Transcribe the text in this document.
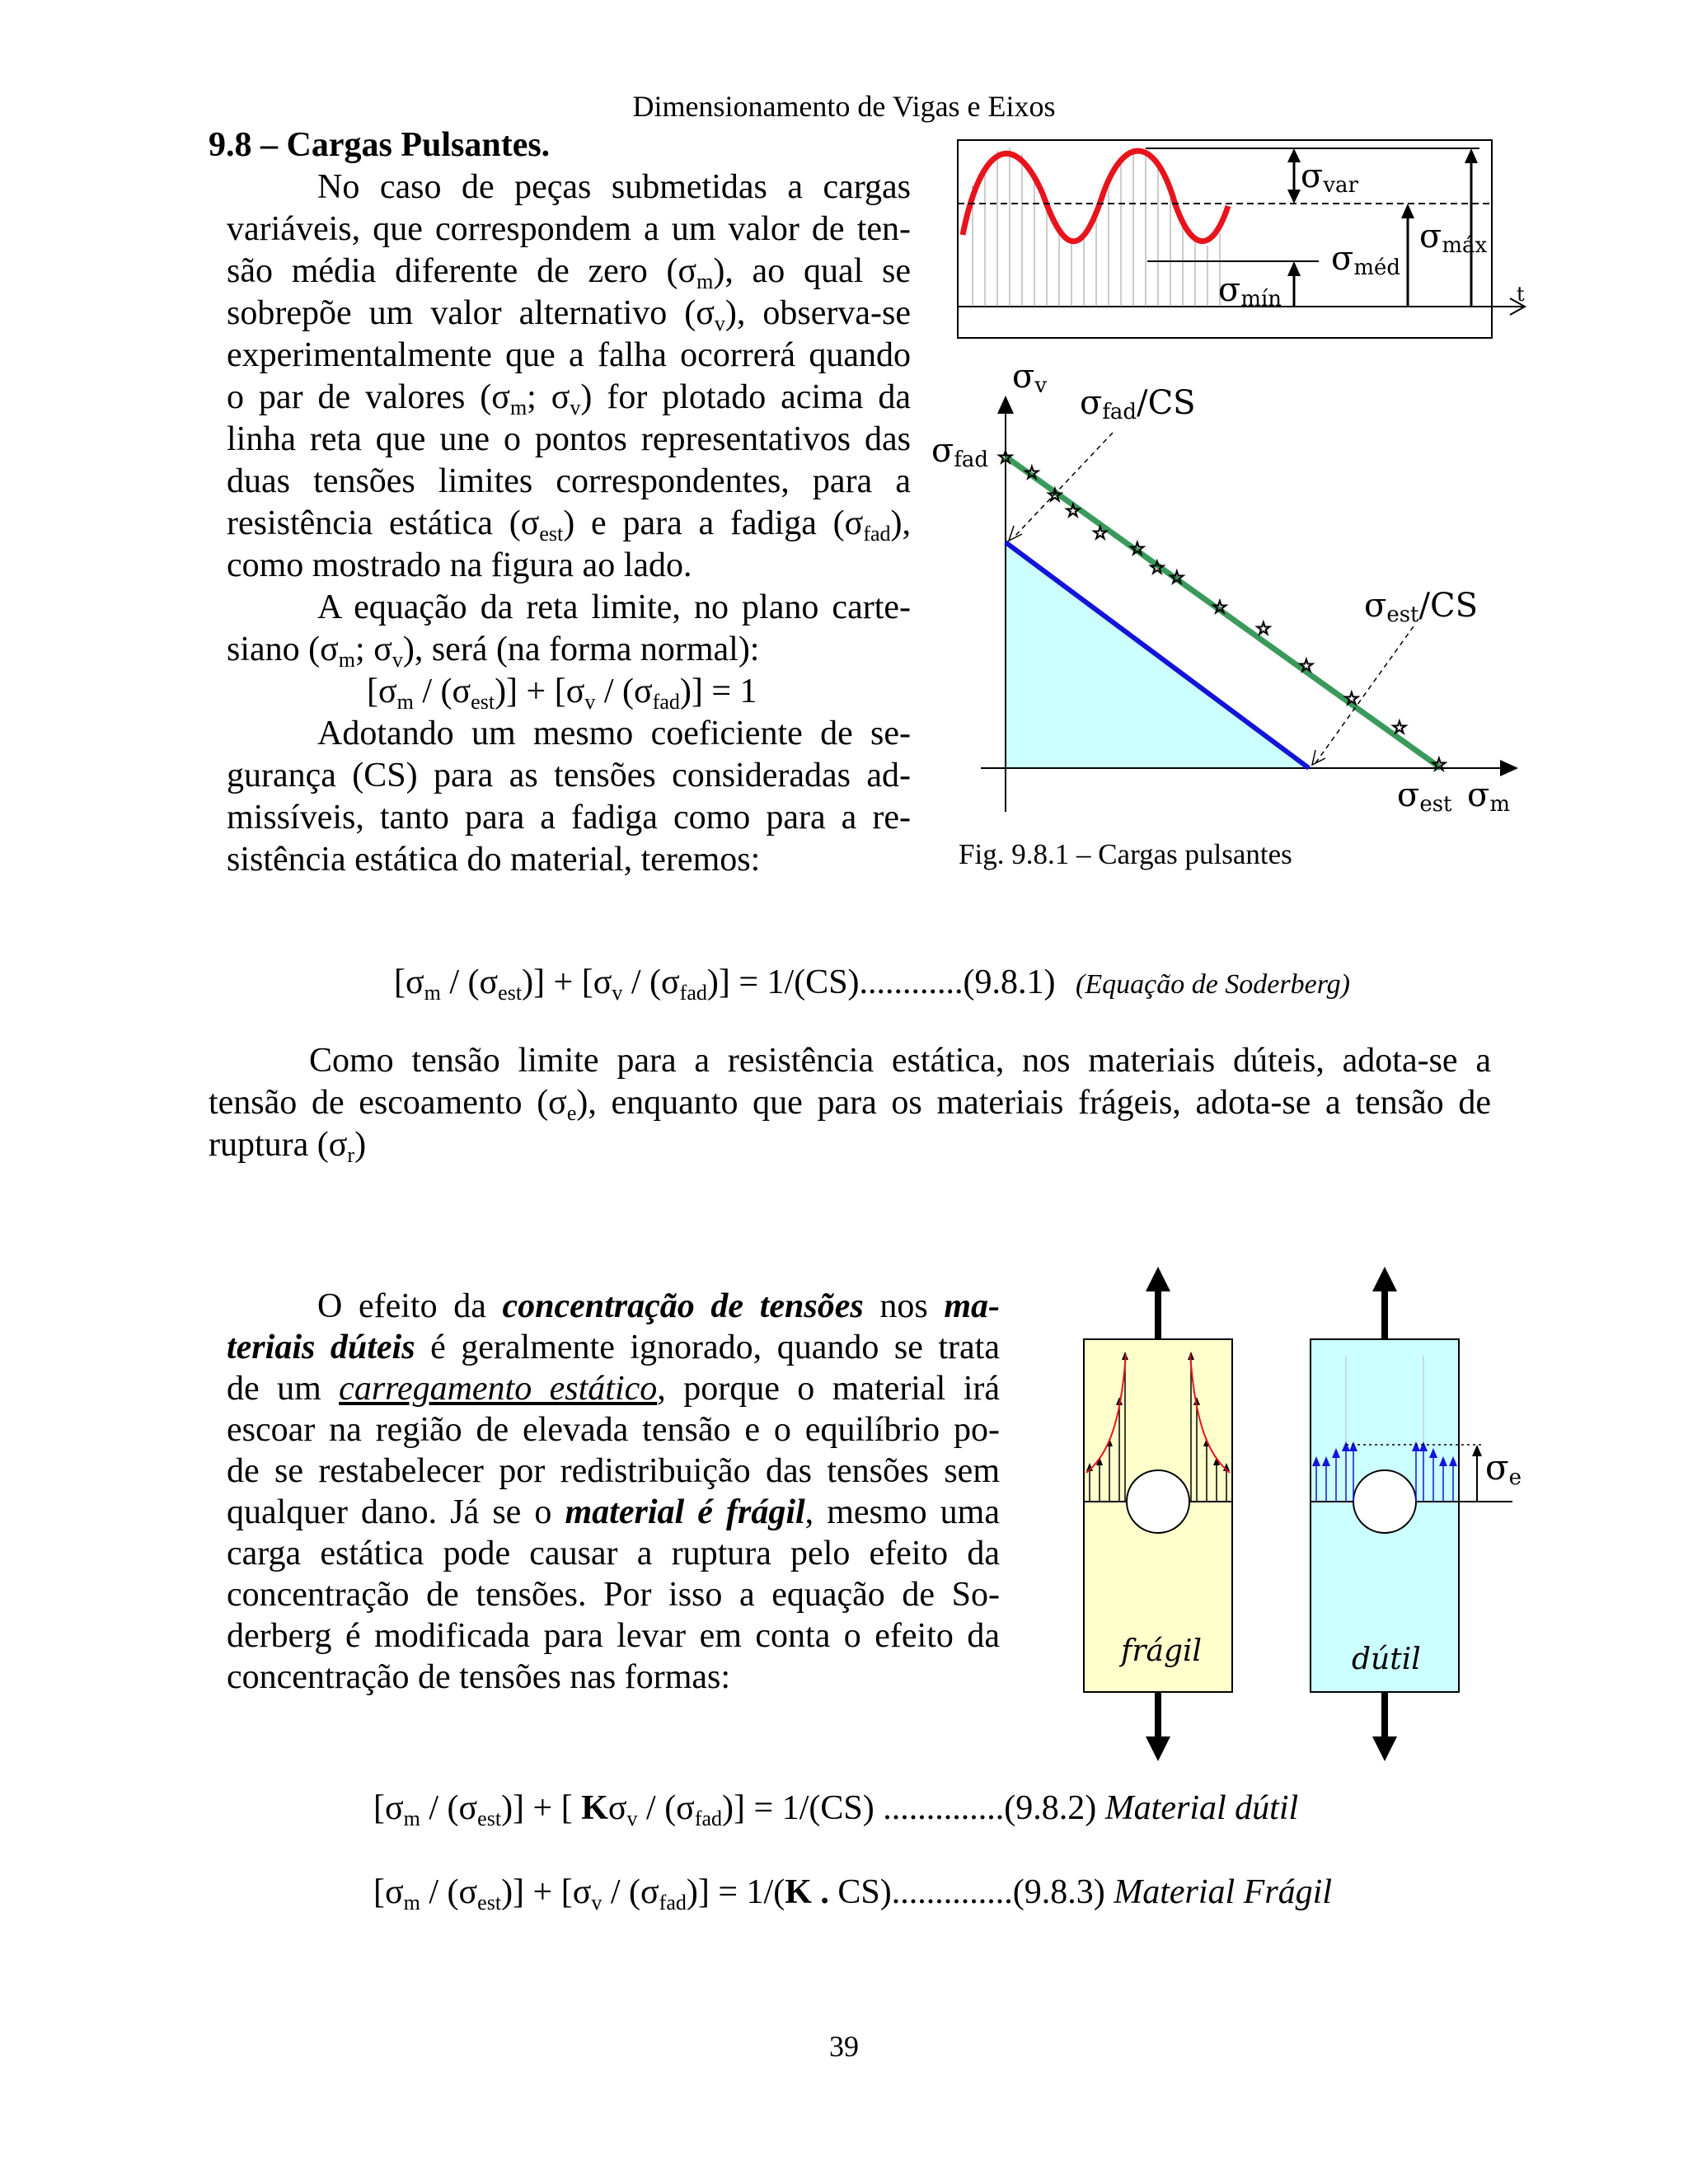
Dimensionamento de Vigas e Eixos
9.8 – Cargas Pulsantes.
No caso de peças submetidas a cargas
variáveis, que correspondem a um valor de ten-
são média diferente de zero $(\sigma_m)$, ao qual se
sobrepõe um valor alternativo $(\sigma_v)$, observa-se
experimentalmente que a falha ocorrerá quando
o par de valores ($\sigma_m$; $\sigma_v$) for plotado acima da
linha reta que une o pontos representativos das
duas tensões limites correspondentes, para a
resistência estática $(\sigma_{est})$ e para a fadiga $(\sigma_{fad})$,
como mostrado na figura ao lado.
A equação da reta limite, no plano carte-
siano ($\sigma_m$; $\sigma_v$), será (na forma normal):
$[\sigma_m / (\sigma_{est})] + [\sigma_v / (\sigma_{fad})] = 1$
Adotando um mesmo coeficiente de se-
gurança (CS) para as tensões consideradas ad-
missíveis, tanto para a fadiga como para a re-
sistência estática do material, teremos:
σvar
σmáx
σméd
σmín	t
☆
☆
☆
☆
☆
☆
☆ ☆
☆
☆
☆
☆
☆
☆
σv σfad/CS
σfad
σest/CS
σest σm
Fig. 9.8.1 – Cargas pulsantes
$[\sigma_m / (\sigma_{est})] + [\sigma_v / (\sigma_{fad})] = 1/(CS)............(9.8.1)$ (Equação de Soderberg)
Como tensão limite para a resistência estática, nos materiais dúteis, adota-se a
tensão de escoamento $(\sigma_e)$, enquanto que para os materiais frágeis, adota-se a tensão de
ruptura $(\sigma_r)$
O efeito da concentração de tensões nos ma-
teriais dúteis é geralmente ignorado, quando se trata
de um carregamento estático, porque o material irá
escoar na região de elevada tensão e o equilíbrio po-
de se restabelecer por redistribuição das tensões sem
qualquer dano. Já se o material é frágil, mesmo uma
carga estática pode causar a ruptura pelo efeito da
concentração de tensões. Por isso a equação de So-
derberg é modificada para levar em conta o efeito da
concentração de tensões nas formas:
frágil	dútil
σe
$[\sigma_m / (\sigma_{est})]$ + [ $K\sigma_v / (\sigma_{fad})] = 1/(CS)$ ..............(9.8.2) Material dútil
$[\sigma_m / (\sigma_{est})] + [\sigma_v / (\sigma_{fad})] = 1/(K$ . CS)..............(9.8.3) Material Frágil
39
